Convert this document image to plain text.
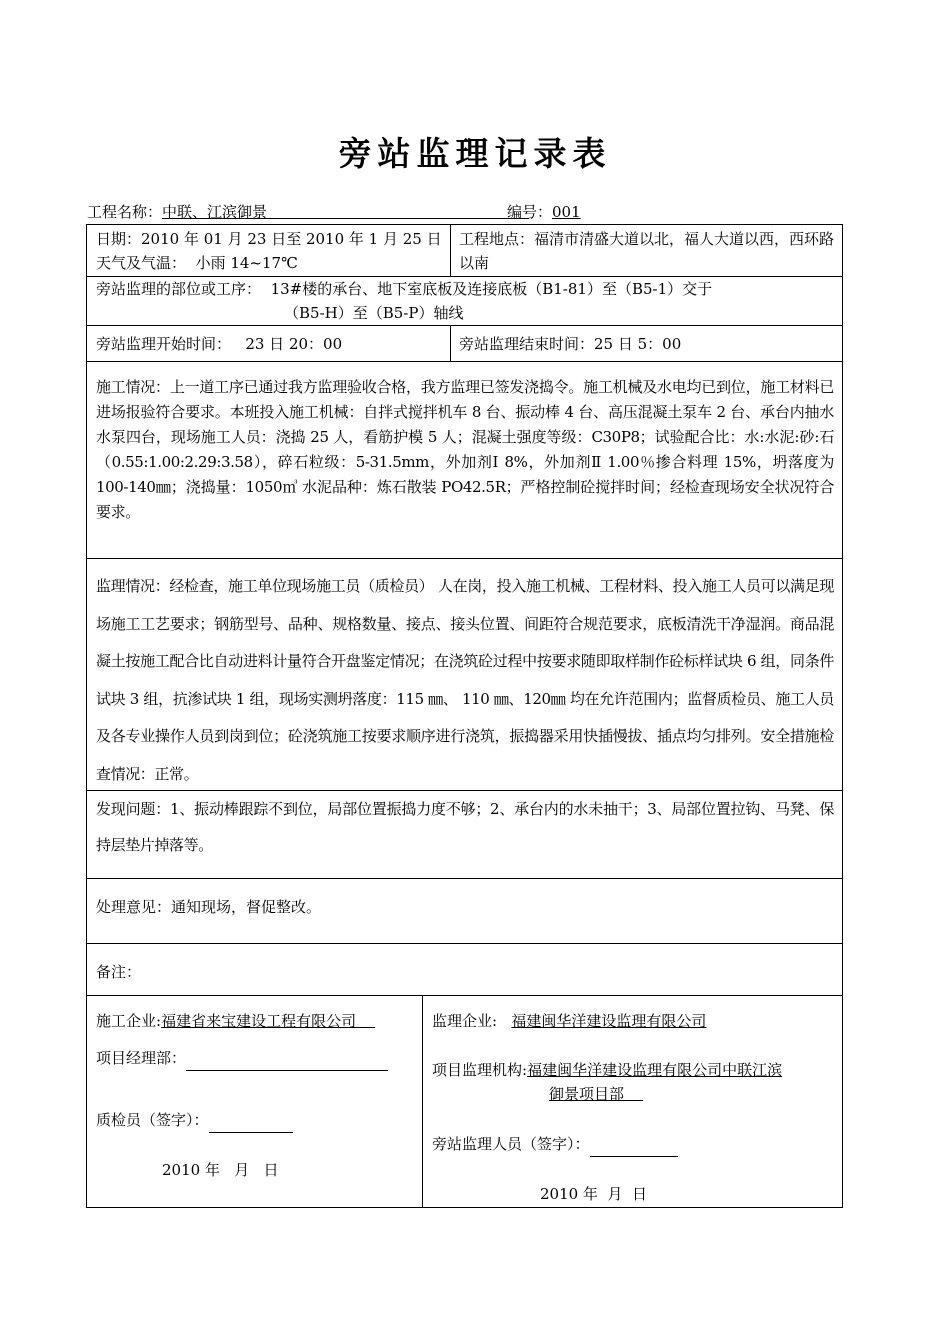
旁站监理记录表
工程名称：中联、江滨御景	编号：001
日期：2010 年 01 月 23 日至 2010 年 1 月 25 日
天气及气温： 小雨 14~17℃
工程地点：福清市清盛大道以北，福人大道以西，西环路以南
旁站监理的部位或工序： 13#楼的承台、地下室底板及连接底板（B1-81）至（B5-1）交于
（B5-H）至（B5-P）轴线
旁站监理开始时间： 23 日 20：00	旁站监理结束时间：25 日 5：00
施工情况：上一道工序已通过我方监理验收合格，我方监理已签发浇捣令。施工机械及水电均已到位，施工材料已进场报验符合要求。本班投入施工机械：自拌式搅拌机车 8 台、振动棒 4 台、高压混凝土泵车 2 台、承台内抽水水泵四台，现场施工人员：浇捣 25 人，看筋护模 5 人；混凝土强度等级：C30P8；试验配合比：水:水泥:砂:石（0.55:1.00:2.29:3.58），碎石粒级：5-31.5mm，外加剂Ⅰ 8%，外加剂Ⅱ 1.00％掺合料理 15%，坍落度为 100-140㎜；浇捣量：1050㎥ 水泥品种：炼石散装 PO42.5R；严格控制砼搅拌时间；经检查现场安全状况符合要求。
监理情况：经检查，施工单位现场施工员（质检员） 人在岗，投入施工机械、工程材料、投入施工人员可以满足现场施工工艺要求；钢筋型号、品种、规格数量、接点、接头位置、间距符合规范要求，底板清洗干净湿润。商品混凝土按施工配合比自动进料计量符合开盘鉴定情况；在浇筑砼过程中按要求随即取样制作砼标样试块 6 组，同条件试块 3 组，抗渗试块 1 组，现场实测坍落度：115 ㎜、 110 ㎜、120㎜ 均在允许范围内；监督质检员、施工人员及各专业操作人员到岗到位；砼浇筑施工按要求顺序进行浇筑，振捣器采用快插慢拔、插点均匀排列。安全措施检查情况：正常。
发现问题：1、振动棒跟踪不到位，局部位置振捣力度不够；2、承台内的水未抽干；3、局部位置拉钩、马凳、保持层垫片掉落等。
处理意见：通知现场，督促整改。
备注：
施工企业:福建省来宝建设工程有限公司
项目经理部：
质检员（签字）：
2010 年   月   日
监理企业: 福建闽华洋建设监理有限公司
项目监理机构:福建闽华洋建设监理有限公司中联江滨
御景项目部
旁站监理人员（签字）：
2010 年  月  日
